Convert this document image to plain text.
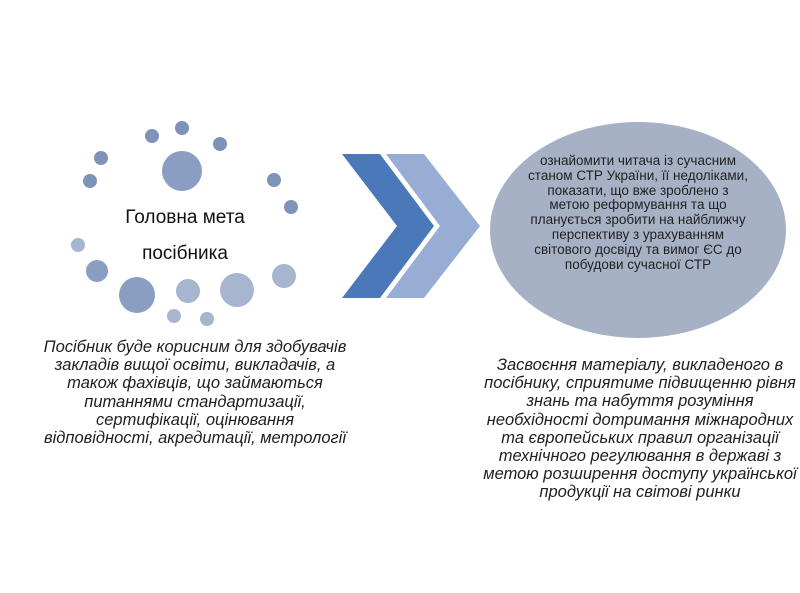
Головна мета
посібника
ознайомити читача із сучасним станом СТР України, її недоліками, показати, що вже зроблено з метою реформування та що планується зробити на найближчу перспективу з урахуванням світового досвіду та вимог ЄС до побудови сучасної СТР
Посібник буде корисним для здобувачів закладів вищої освіти, викладачів, а також фахівців, що займаються питаннями стандартизації, сертифікації, оцінювання відповідності, акредитації, метрології
Засвоєння матеріалу, викладеного в посібнику, сприятиме підвищенню рівня знань та набуття розуміння необхідності дотримання міжнародних та європейських правил організації технічного регулювання в державі з метою розширення доступу української продукції на світові ринки
